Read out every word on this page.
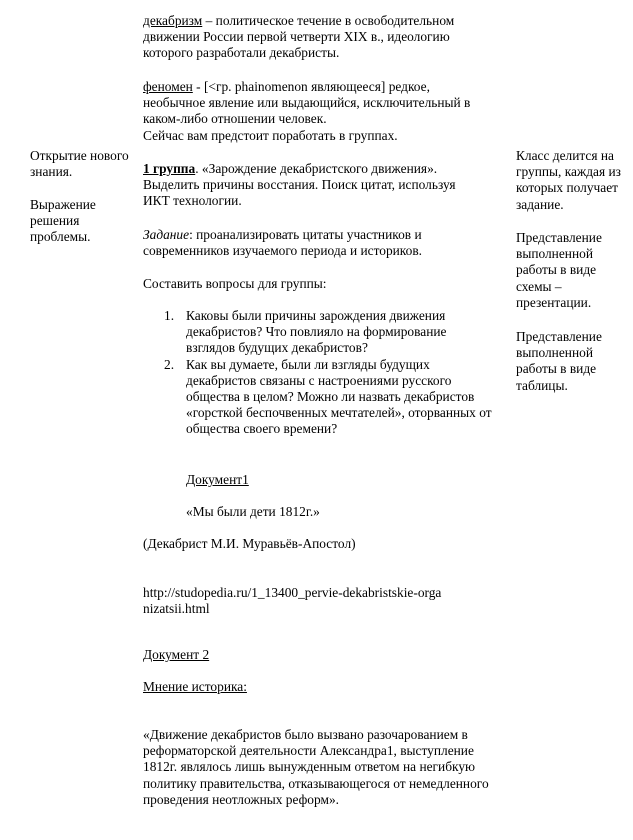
Открытие нового знания.

Выражение решения проблемы.

декабризм – политическое течение в освободительном движении России первой четверти XIX в., идеологию которого разработали декабристы.

феномен - [<гр. phainomenon являющееся] редкое, необычное явление или выдающийся, исключительный в каком-либо отношении человек.

Сейчас вам предстоит поработать в группах.

1 группа. «Зарождение декабристского движения». Выделить причины восстания. Поиск цитат, используя ИКТ технологии.

Задание: проанализировать цитаты участников и современников изучаемого периода и историков.

Составить вопросы для группы:

1. Каковы были причины зарождения движения декабристов? Что повлияло на формирование взглядов будущих декабристов?
2. Как вы думаете, были ли взгляды будущих декабристов связаны с настроениями русского общества в целом? Можно ли назвать декабристов «горсткой беспочвенных мечтателей», оторванных от общества своего времени?

Документ1

«Мы были дети 1812г.»

(Декабрист М.И. Муравьёв-Апостол)

http://studopedia.ru/1_13400_pervie-dekabristskie-organizatsii.html

Документ 2

Мнение историка:

«Движение декабристов было вызвано разочарованием в реформаторской деятельности Александра1, выступление 1812г. являлось лишь вынужденным ответом на негибкую политику правительства, отказывающегося от немедленного проведения неотложных реформ».

Класс делится на группы, каждая из которых получает задание.

Представление выполненной работы в виде схемы – презентации.

Представление выполненной работы в виде таблицы.
